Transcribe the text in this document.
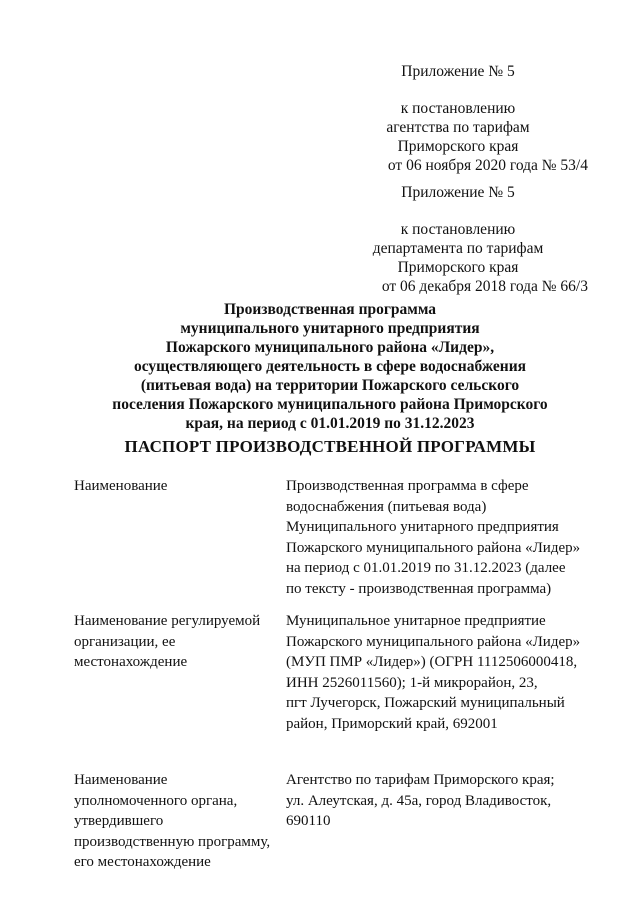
Приложение № 5
к постановлению
агентства по тарифам
Приморского края
от 06 ноября 2020 года № 53/4
Приложение № 5
к постановлению
департамента по тарифам
Приморского края
от 06 декабря 2018 года № 66/3
Производственная программа
муниципального унитарного предприятия
Пожарского муниципального района «Лидер»,
осуществляющего деятельность в сфере водоснабжения
(питьевая вода) на территории Пожарского сельского
поселения Пожарского муниципального района Приморского
края, на период с 01.01.2019 по 31.12.2023
ПАСПОРТ ПРОИЗВОДСТВЕННОЙ ПРОГРАММЫ
Наименование	Производственная программа в сфере
водоснабжения (питьевая вода)
Муниципального унитарного предприятия
Пожарского муниципального района «Лидер»
на период с 01.01.2019 по 31.12.2023 (далее
по тексту - производственная программа)
Наименование регулируемой
организации, ее
местонахождение
Муниципальное унитарное предприятие
Пожарского муниципального района «Лидер»
(МУП ПМР «Лидер») (ОГРН 1112506000418,
ИНН 2526011560); 1-й микрорайон, 23,
пгт Лучегорск, Пожарский муниципальный
район, Приморский край, 692001
Наименование
уполномоченного органа,
утвердившего
производственную программу,
его местонахождение
Агентство по тарифам Приморского края;
ул. Алеутская, д. 45а, город Владивосток,
690110
